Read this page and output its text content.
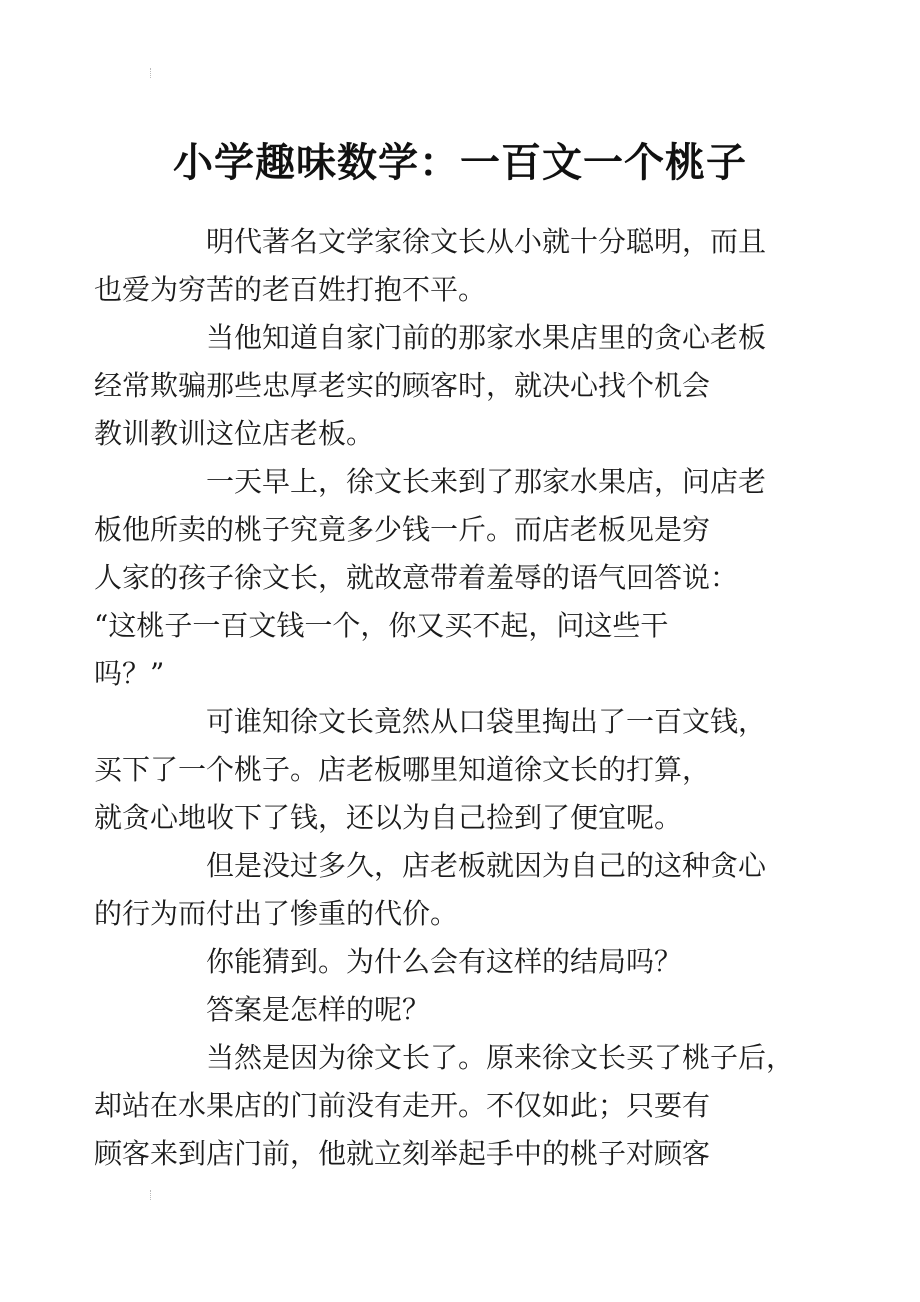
小学趣味数学：一百文一个桃子

明代著名文学家徐文长从小就十分聪明，而且
也爱为穷苦的老百姓打抱不平。

当他知道自家门前的那家水果店里的贪心老板
经常欺骗那些忠厚老实的顾客时，就决心找个机会
教训教训这位店老板。

一天早上，徐文长来到了那家水果店，问店老
板他所卖的桃子究竟多少钱一斤。而店老板见是穷
人家的孩子徐文长，就故意带着羞辱的语气回答说：
“这桃子一百文钱一个，你又买不起，问这些干
吗？”

可谁知徐文长竟然从口袋里掏出了一百文钱，
买下了一个桃子。店老板哪里知道徐文长的打算，
就贪心地收下了钱，还以为自己捡到了便宜呢。

但是没过多久，店老板就因为自己的这种贪心
的行为而付出了惨重的代价。

你能猜到。为什么会有这样的结局吗？

答案是怎样的呢？

当然是因为徐文长了。原来徐文长买了桃子后，
却站在水果店的门前没有走开。不仅如此；只要有
顾客来到店门前，他就立刻举起手中的桃子对顾客
